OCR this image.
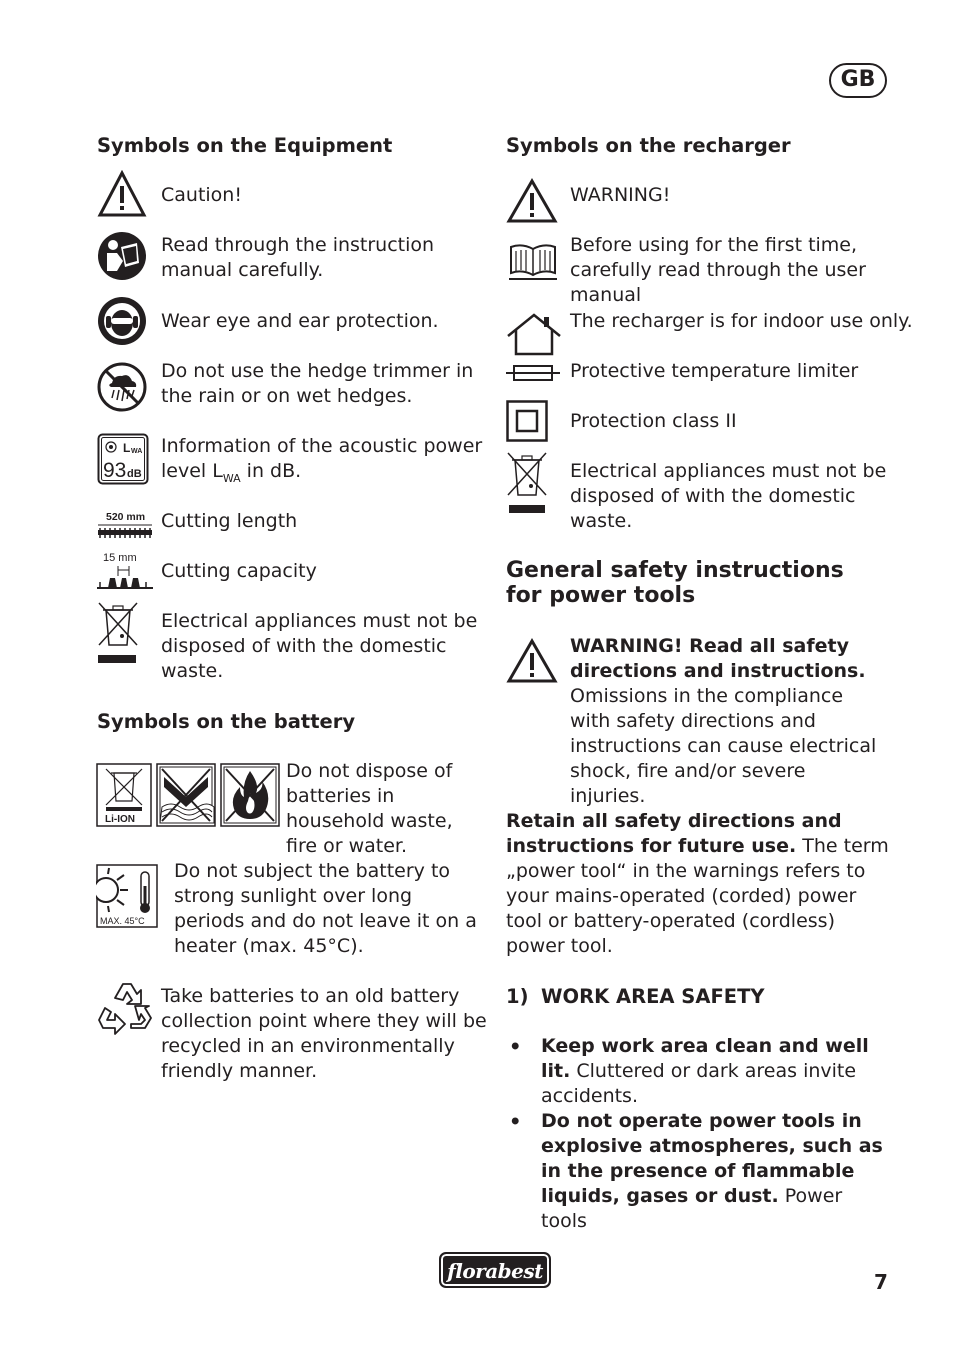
GB
Symbols on the Equipment
Caution!
Read through the instruction manual carefully.
Wear eye and ear protection.
Do not use the hedge trimmer in the rain or on wet hedges.
L WA
93 dB
Information of the acoustic power level $L_{WA}$ in dB.
520 mm Cutting length
15 mm
Cutting capacity
Electrical appliances must not be disposed of with the domestic waste.
Symbols on the battery
Li-ION
Do not dispose of batteries in household waste, fire or water.
MAX. 45°C
Do not subject the battery to strong sunlight over long periods and do not leave it on a heater (max. 45°C).
Take batteries to an old battery collection point where they will be recycled in an environmentally friendly manner.
Symbols on the recharger
WARNING!
Before using for the first time, carefully read through the user manual
The recharger is for indoor use only.
Protective temperature limiter
Protection class II
Electrical appliances must not be disposed of with the domestic waste.
General safety instructions
for power tools
WARNING! Read all safety directions and instructions. Omissions in the compliance with safety directions and instructions can cause electrical shock, fire and/or severe injuries.
Retain all safety directions and instructions for future use. The term „power tool“ in the warnings refers to your mains-operated (corded) power tool or battery-operated (cordless) power tool.
1) WORK AREA SAFETY
• Keep work area clean and well lit. Cluttered or dark areas invite accidents.
• Do not operate power tools in explosive atmospheres, such as in the presence of flammable liquids, gases or dust. Power tools
florabest	7
